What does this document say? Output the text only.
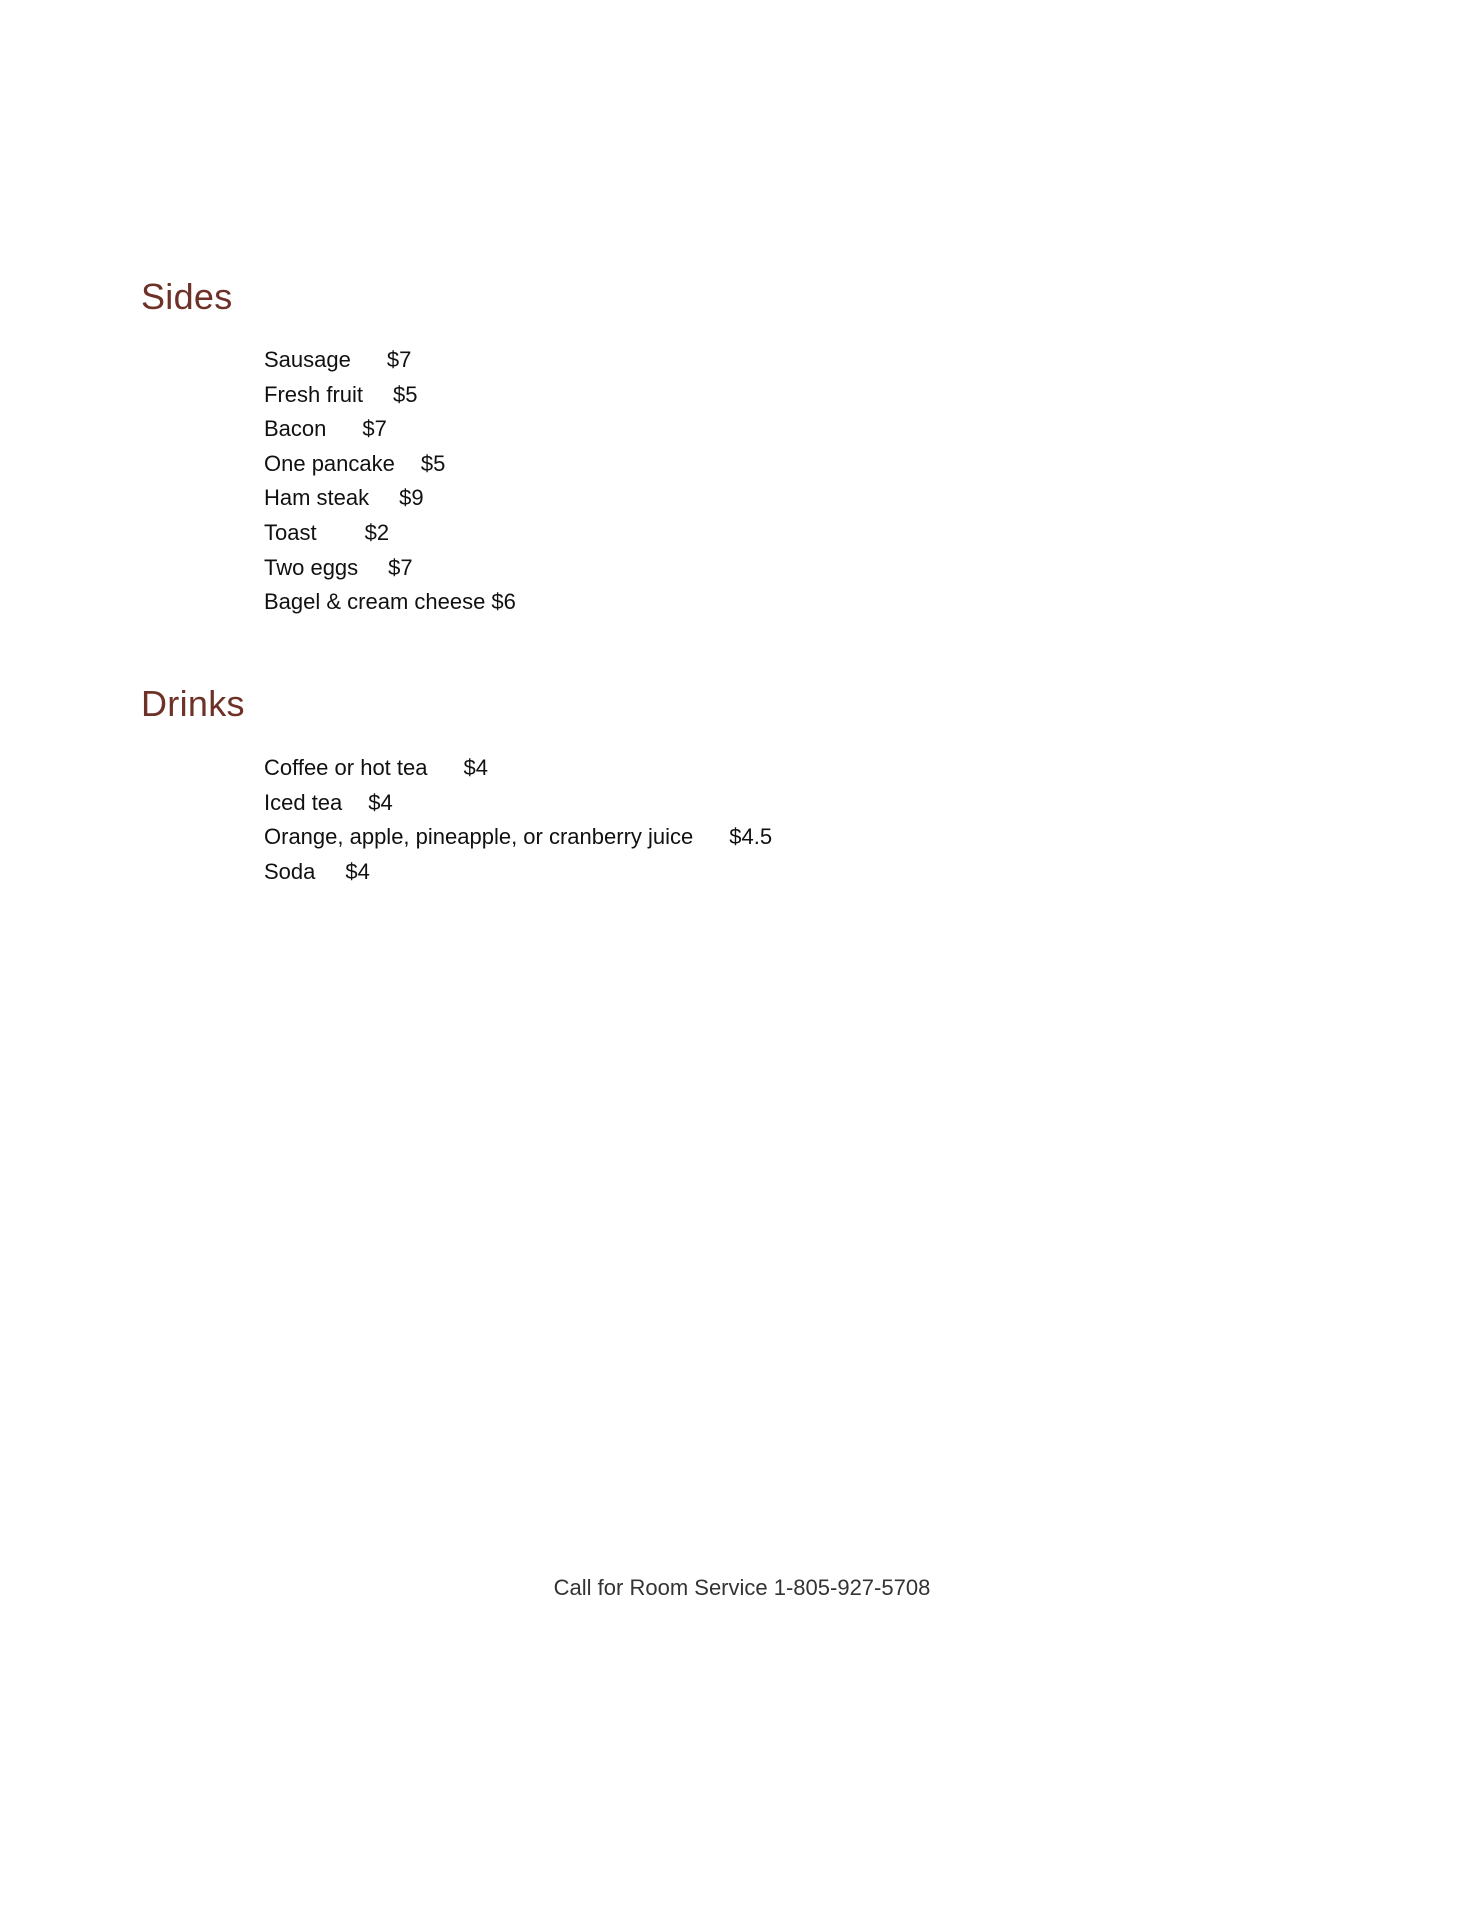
Sides
Sausage $7
Fresh fruit $5
Bacon $7
One pancake $5
Ham steak $9
Toast $2
Two eggs $7
Bagel & cream cheese $6
Drinks
Coffee or hot tea $4
Iced tea $4
Orange, apple, pineapple, or cranberry juice $4.5
Soda $4

Call for Room Service 1-805-927-5708
